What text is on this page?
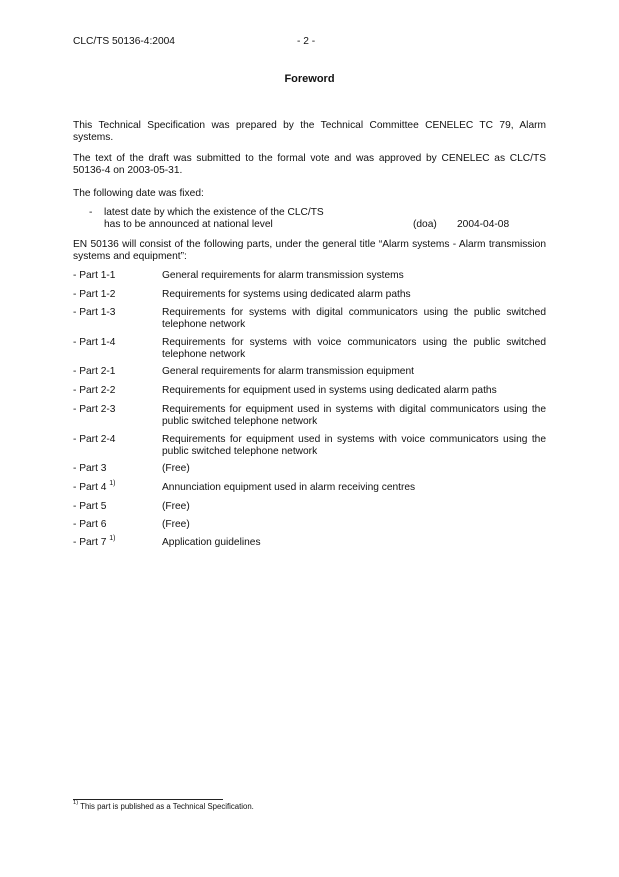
CLC/TS 50136-4:2004	- 2 -
Foreword
This Technical Specification was prepared by the Technical Committee CENELEC TC 79, Alarm systems.
The text of the draft was submitted to the formal vote and was approved by CENELEC as CLC/TS 50136-4 on 2003-05-31.
The following date was fixed:
- latest date by which the existence of the CLC/TS
has to be announced at national level	(doa) 2004-04-08
EN 50136 will consist of the following parts, under the general title “Alarm systems - Alarm transmission systems and equipment”:
- Part 1-1	General requirements for alarm transmission systems
- Part 1-2	Requirements for systems using dedicated alarm paths
- Part 1-3	Requirements for systems with digital communicators using the public switched telephone network
- Part 1-4	Requirements for systems with voice communicators using the public switched telephone network
- Part 2-1	General requirements for alarm transmission equipment
- Part 2-2	Requirements for equipment used in systems using dedicated alarm paths
- Part 2-3	Requirements for equipment used in systems with digital communicators using the public switched telephone network
- Part 2-4	Requirements for equipment used in systems with voice communicators using the public switched telephone network
- Part 3	(Free)
- Part 4 $^{1)}$	Annunciation equipment used in alarm receiving centres
- Part 5	(Free)
- Part 6	(Free)
- Part 7 $^{1)}$	Application guidelines
$^{1)}$ This part is published as a Technical Specification.
